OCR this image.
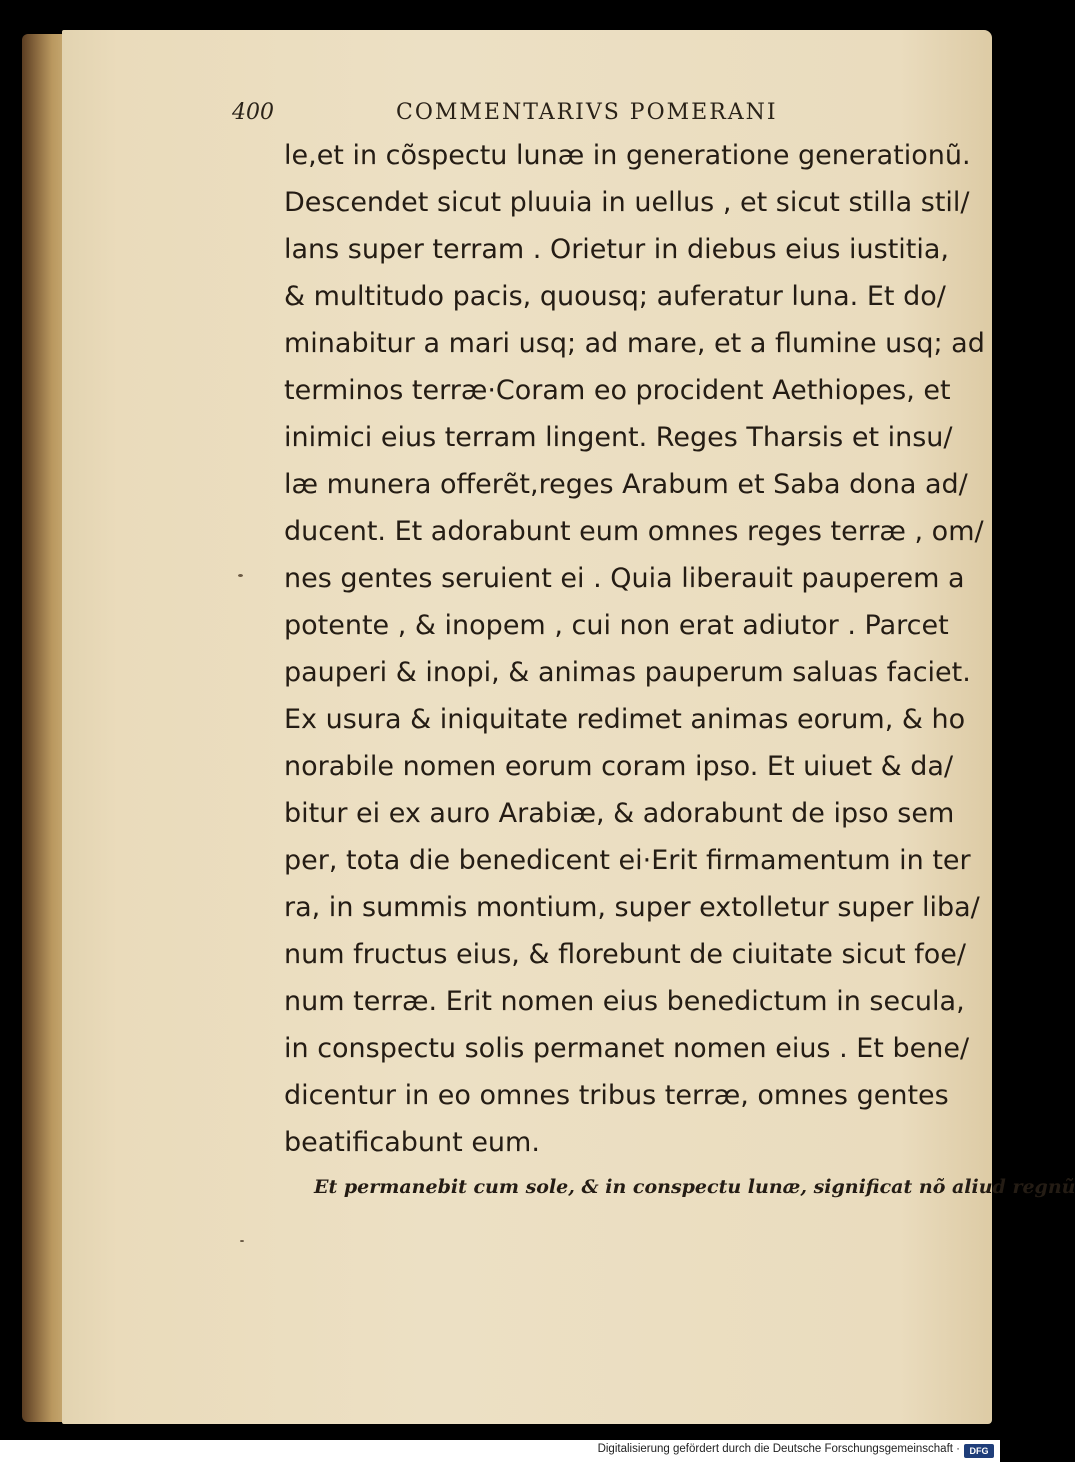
400	COMMENTARIVS POMERANI
le,et in cõspectu lunæ in generatione generationũ.
Descendet sicut pluuia in uellus , et sicut stilla stil/
lans super terram . Orietur in diebus eius iustitia,
& multitudo pacis, quousq; auferatur luna. Et do/
minabitur a mari usq; ad mare, et a flumine usq; ad
terminos terræ·Coram eo procident Aethiopes, et
inimici eius terram lingent. Reges Tharsis et insu/
læ munera offerẽt,reges Arabum et Saba dona ad/
ducent. Et adorabunt eum omnes reges terræ , om/
nes gentes seruient ei . Quia liberauit pauperem a
potente , & inopem , cui non erat adiutor . Parcet
pauperi & inopi, & animas pauperum saluas faciet.
Ex usura & iniquitate redimet animas eorum, & ho
norabile nomen eorum coram ipso. Et uiuet & da/
bitur ei ex auro Arabiæ, & adorabunt de ipso sem
per, tota die benedicent ei·Erit firmamentum in ter
ra, in summis montium, super extolletur super liba/
num fructus eius, & florebunt de ciuitate sicut foe/
num terræ. Erit nomen eius benedictum in secula,
in conspectu solis permanet nomen eius . Et bene/
dicentur in eo omnes tribus terræ, omnes gentes
beatificabunt eum.
Et permanebit cum sole, & in conspectu lunæ, significat nõ aliud regnũ
Digitalisierung gefördert durch die Deutsche Forschungsgemeinschaft ·	DFG
